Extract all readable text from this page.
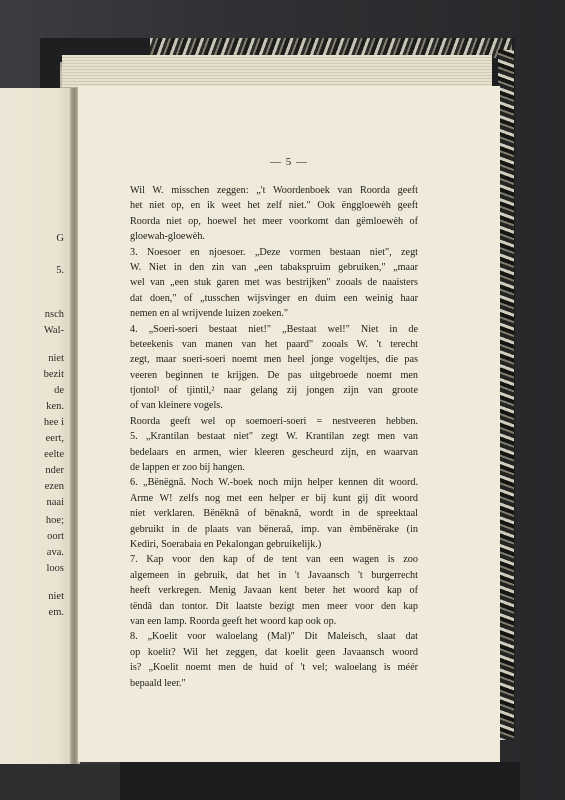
G
5.
nsch
Wal-
niet
bezit
de
ken.
hee i
eert,
eelte
nder
ezen
naai
hoe;
oort
ava.
loos
niet
em.
— 5 —
Wil W. misschen zeggen: „'t Woordenboek van Roorda geeft
het niet op, en ik weet het zelf niet." Ook ënggloewèh geeft
Roorda niet op, hoewel het meer voorkomt dan gëmloewèh of
gloewah-gloewèh.
3. Noesoer en njoesoer. „Deze vormen bestaan niet", zegt
W. Niet in den zin van „een tabakspruim gebruiken," „maar
wel van „een stuk garen met was bestrijken" zooals de naaisters
dat doen," of „tusschen wijsvinger en duim een weinig haar
nemen en al wrijvende luizen zoeken."
4. „Soeri-soeri bestaat niet!" „Bestaat wel!" Niet in de
beteekenis van manen van het paard" zooals W. 't terecht
zegt, maar soeri-soeri noemt men heel jonge vogeltjes, die pas
veeren beginnen te krijgen. De pas uitgebroede noemt men
tjontol¹ of tjintil,² naar gelang zij jongen zijn van groote
of van kleinere vogels.
Roorda geeft wel op soemoeri-soeri = nestveeren hebben.
5. „Krantilan bestaat niet" zegt W. Krantilan zegt men van
bedelaars en armen, wier kleeren gescheurd zijn, en waarvan
de lappen er zoo bij hangen.
6. „Bënëgnâ. Noch W.-boek noch mijn helper kennen dit woord.
Arme W! zelfs nog met een helper er bij kunt gij dit woord
niet verklaren. Bënëknâ of bënaknâ, wordt in de spreektaal
gebruikt in de plaats van bëneraâ, imp. van èmbënërake (in
Kediri, Soerabaia en Pekalongan gebruikelijk.)
7. Kap voor den kap of de tent van een wagen is zoo
algemeen in gebruik, dat het in 't Javaansch 't burgerrecht
heeft verkregen. Menig Javaan kent beter het woord kap of
tëndâ dan tontor. Dit laatste bezigt men meer voor den kap
van een lamp. Roorda geeft het woord kap ook op.
8. „Koelit voor waloelang (Mal)" Dit Maleisch, slaat dat
op koelit? Wil het zeggen, dat koelit geen Javaansch woord
is? „Koelit noemt men de huid of 't vel; waloelang is méér
bepaald leer."
